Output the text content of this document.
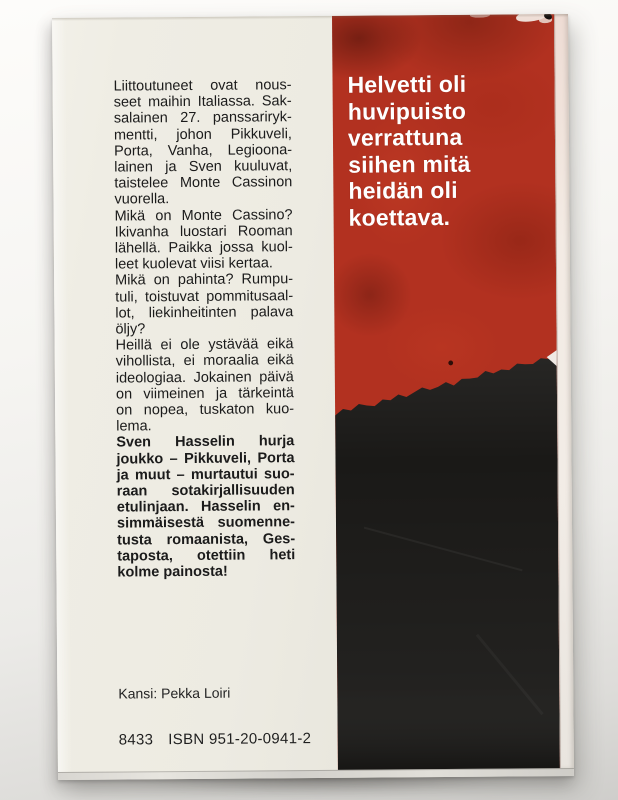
Liittoutuneet ovat nous-
seet maihin Italiassa. Sak-
salainen 27. panssariryk-
mentti, johon Pikkuveli,
Porta, Vanha, Legioona-
lainen ja Sven kuuluvat,
taistelee Monte Cassinon
vuorella.
Mikä on Monte Cassino?
Ikivanha luostari Rooman
lähellä. Paikka jossa kuol-
leet kuolevat viisi kertaa.
Mikä on pahinta? Rumpu-
tuli, toistuvat pommitusaal-
lot, liekinheitinten palava
öljy?
Heillä ei ole ystävää eikä
vihollista, ei moraalia eikä
ideologiaa. Jokainen päivä
on viimeinen ja tärkeintä
on nopea, tuskaton kuo-
lema.
Sven Hasselin hurja
joukko – Pikkuveli, Porta
ja muut – murtautui suo-
raan sotakirjallisuuden
etulinjaan. Hasselin en-
simmäisestä suomenne-
tusta romaanista, Ges-
taposta, otettiin heti
kolme painosta!
Kansi: Pekka Loiri
8433 ISBN 951-20-0941-2
Helvetti oli
huvipuisto
verrattuna
siihen mitä
heidän oli
koettava.
